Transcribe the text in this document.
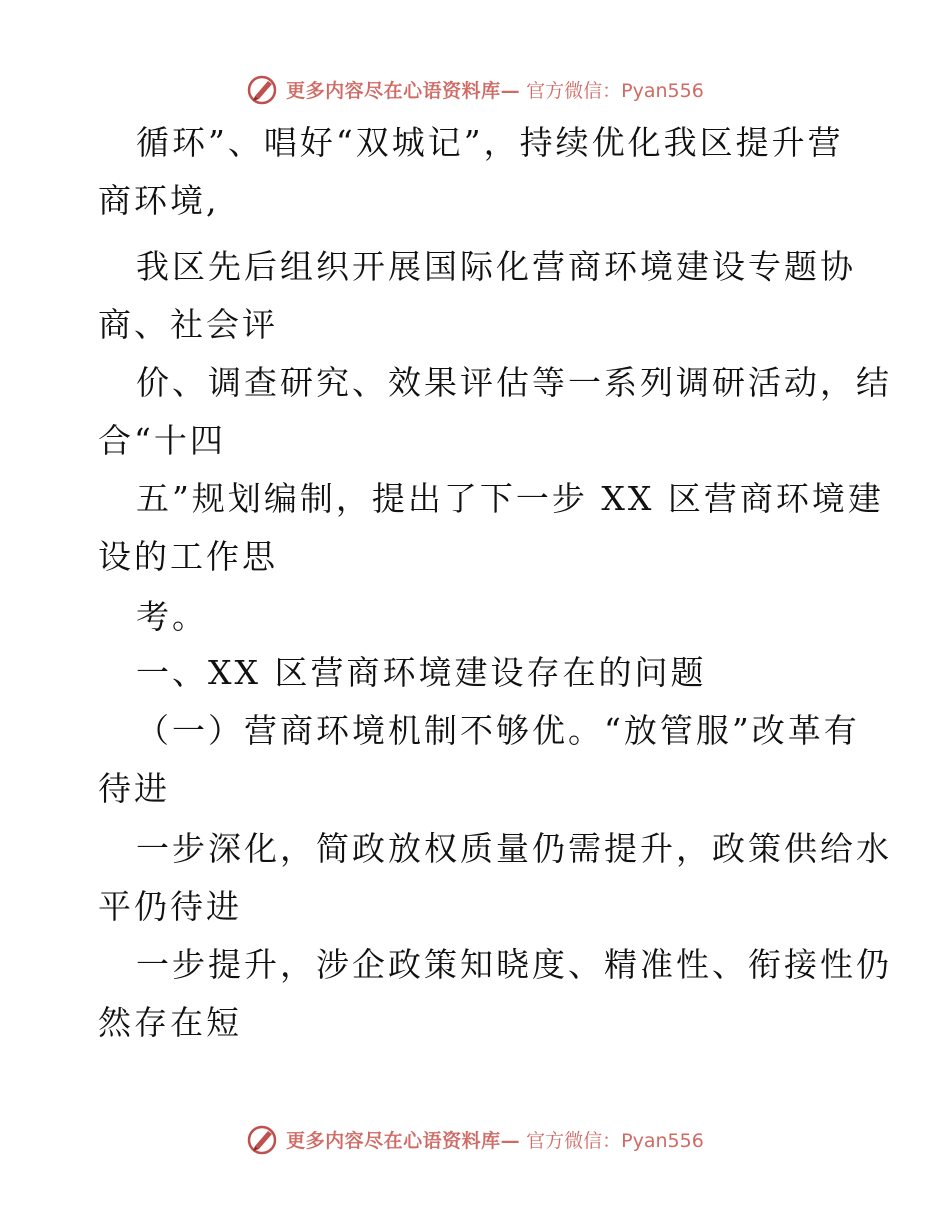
更多内容尽在心语资料库— 官方微信：Pyan556
循环”、唱好“双城记”，持续优化我区提升营
商环境,
我区先后组织开展国际化营商环境建设专题协
商、社会评
价、调查研究、效果评估等一系列调研活动，结
合“十四
五”规划编制，提出了下一步 XX 区营商环境建
设的工作思
考。
一、XX 区营商环境建设存在的问题
（一）营商环境机制不够优。“放管服”改革有
待进
一步深化，简政放权质量仍需提升，政策供给水
平仍待进
一步提升，涉企政策知晓度、精准性、衔接性仍
然存在短
更多内容尽在心语资料库— 官方微信：Pyan556
